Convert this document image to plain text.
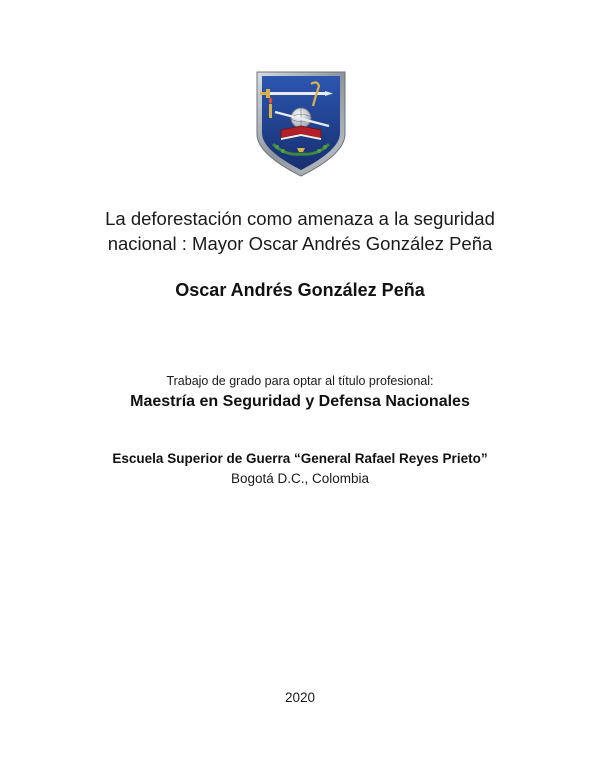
La deforestación como amenaza a la seguridad
nacional : Mayor Oscar Andrés González Peña
Oscar Andrés González Peña
Trabajo de grado para optar al título profesional:
Maestría en Seguridad y Defensa Nacionales
Escuela Superior de Guerra “General Rafael Reyes Prieto”
Bogotá D.C., Colombia
2020
